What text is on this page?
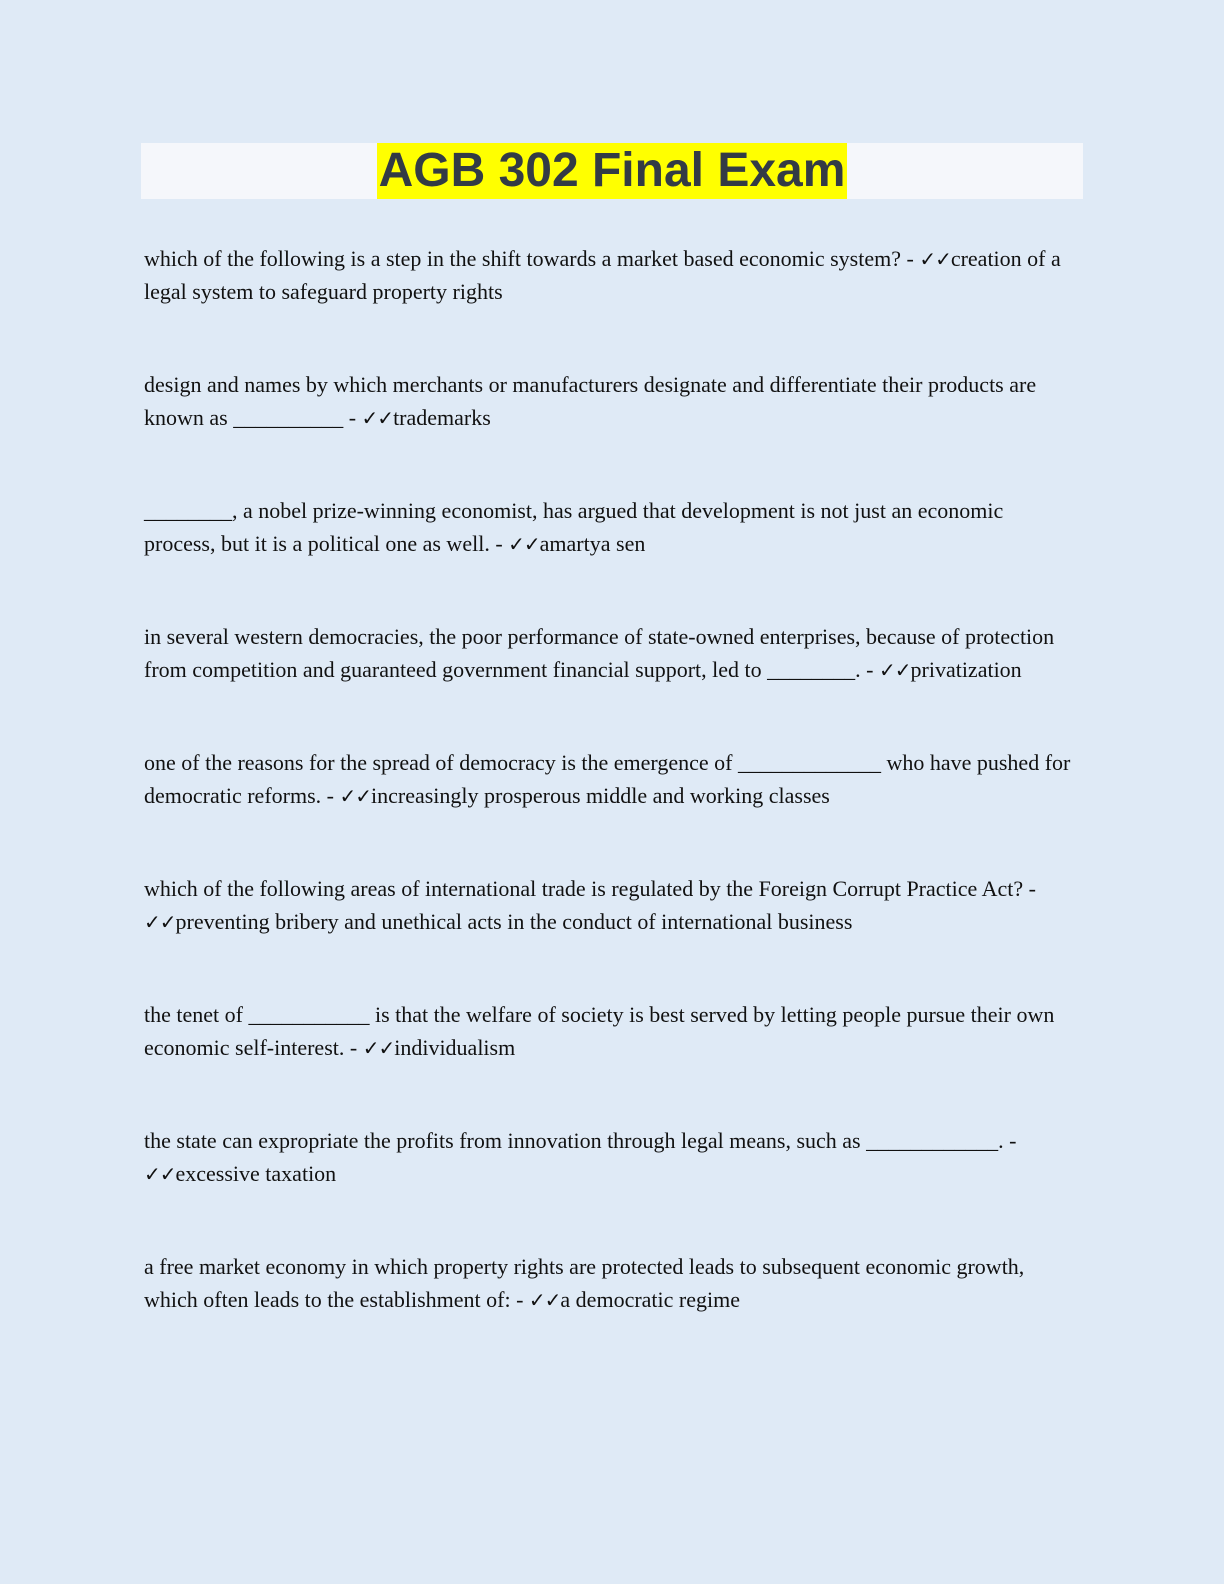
AGB 302 Final Exam
which of the following is a step in the shift towards a market based economic system? - ✓✓creation of a legal system to safeguard property rights
design and names by which merchants or manufacturers designate and differentiate their products are known as __________ - ✓✓trademarks
________, a nobel prize-winning economist, has argued that development is not just an economic process, but it is a political one as well. - ✓✓amartya sen
in several western democracies, the poor performance of state-owned enterprises, because of protection from competition and guaranteed government financial support, led to ________. - ✓✓privatization
one of the reasons for the spread of democracy is the emergence of _____________ who have pushed for democratic reforms. - ✓✓increasingly prosperous middle and working classes
which of the following areas of international trade is regulated by the Foreign Corrupt Practice Act? - ✓✓preventing bribery and unethical acts in the conduct of international business
the tenet of ___________ is that the welfare of society is best served by letting people pursue their own economic self-interest. - ✓✓individualism
the state can expropriate the profits from innovation through legal means, such as ____________. - ✓✓excessive taxation
a free market economy in which property rights are protected leads to subsequent economic growth, which often leads to the establishment of: - ✓✓a democratic regime
